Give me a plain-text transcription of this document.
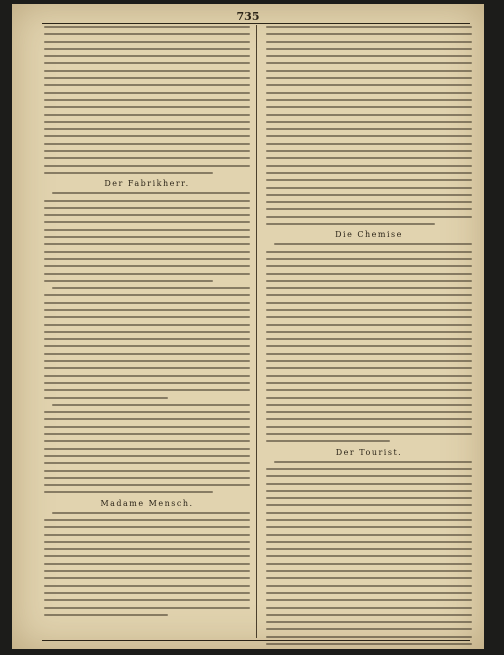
735
Der Fabrikherr.
Madame Mensch.
Die Chemise
Der Tourist.
